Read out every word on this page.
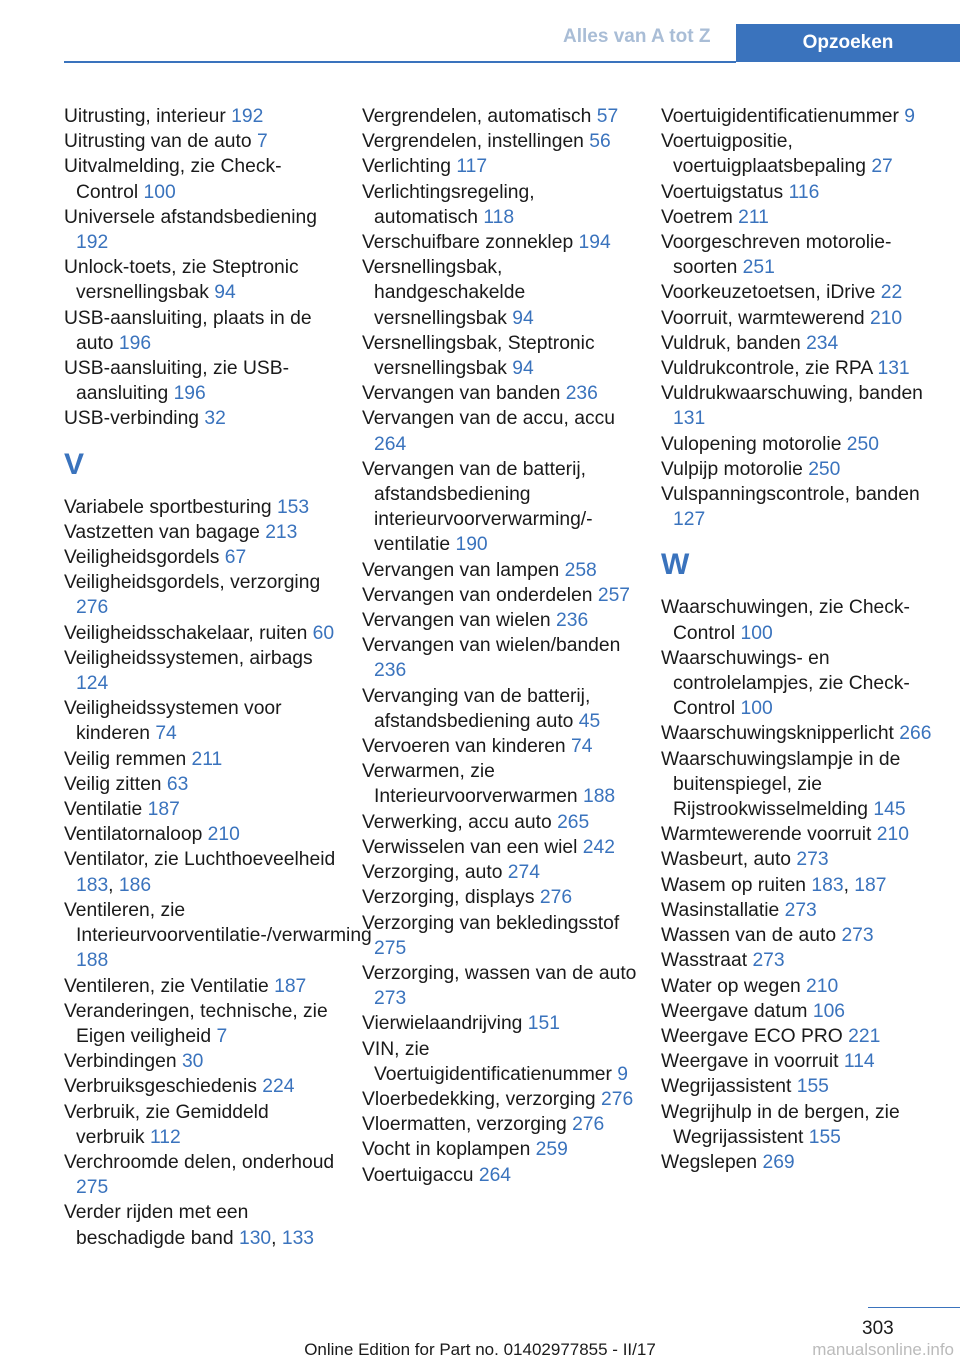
Alles van A tot Z	Opzoeken
Uitrusting, interieur 192
Uitrusting van de auto 7
Uitvalmelding, zie Check-Control 100
Universele afstandsbediening 192
Unlock-toets, zie Steptronic versnellingsbak 94
USB-aansluiting, plaats in de auto 196
USB-aansluiting, zie USB-aansluiting 196
USB-verbinding 32
V
Variabele sportbesturing 153
Vastzetten van bagage 213
Veiligheidsgordels 67
Veiligheidsgordels, verzorging 276
Veiligheidsschakelaar, ruiten 60
Veiligheidssystemen, airbags 124
Veiligheidssystemen voor kinderen 74
Veilig remmen 211
Veilig zitten 63
Ventilatie 187
Ventilatornaloop 210
Ventilator, zie Luchthoeveelheid 183, 186
Ventileren, zie Interieurvoorventilatie-/verwarming 188
Ventileren, zie Ventilatie 187
Veranderingen, technische, zie Eigen veiligheid 7
Verbindingen 30
Verbruiksgeschiedenis 224
Verbruik, zie Gemiddeld verbruik 112
Verchroomde delen, onderhoud 275
Verder rijden met een beschadigde band 130, 133
Vergrendelen, automatisch 57
Vergrendelen, instellingen 56
Verlichting 117
Verlichtingsregeling, automatisch 118
Verschuifbare zonneklep 194
Versnellingsbak, handgeschakelde versnellingsbak 94
Versnellingsbak, Steptronic versnellingsbak 94
Vervangen van banden 236
Vervangen van de accu, accu 264
Vervangen van de batterij, afstandsbediening interieurvoorverwarming/-ventilatie 190
Vervangen van lampen 258
Vervangen van onderdelen 257
Vervangen van wielen 236
Vervangen van wielen/banden 236
Vervanging van de batterij, afstandsbediening auto 45
Vervoeren van kinderen 74
Verwarmen, zie Interieurvoorverwarmen 188
Verwerking, accu auto 265
Verwisselen van een wiel 242
Verzorging, auto 274
Verzorging, displays 276
Verzorging van bekledingsstof 275
Verzorging, wassen van de auto 273
Vierwielaandrijving 151
VIN, zie Voertuigidentificatienummer 9
Vloerbedekking, verzorging 276
Vloermatten, verzorging 276
Vocht in koplampen 259
Voertuigaccu 264
Voertuigidentificatienummer 9
Voertuigpositie, voertuigplaatsbepaling 27
Voertuigstatus 116
Voetrem 211
Voorgeschreven motorolie-soorten 251
Voorkeuzetoetsen, iDrive 22
Voorruit, warmtewerend 210
Vuldruk, banden 234
Vuldrukcontrole, zie RPA 131
Vuldrukwaarschuwing, banden 131
Vulopening motorolie 250
Vulpijp motorolie 250
Vulspanningscontrole, banden 127
W
Waarschuwingen, zie Check-Control 100
Waarschuwings- en controlelampjes, zie Check-Control 100
Waarschuwingsknipperlicht 266
Waarschuwingslampje in de buitenspiegel, zie Rijstrookwisselmelding 145
Warmtewerende voorruit 210
Wasbeurt, auto 273
Wasem op ruiten 183, 187
Wasinstallatie 273
Wassen van de auto 273
Wasstraat 273
Water op wegen 210
Weergave datum 106
Weergave ECO PRO 221
Weergave in voorruit 114
Wegrijassistent 155
Wegrijhulp in de bergen, zie Wegrijassistent 155
Wegslepen 269
303
Online Edition for Part no. 01402977855 - II/17	manualsonline.info
